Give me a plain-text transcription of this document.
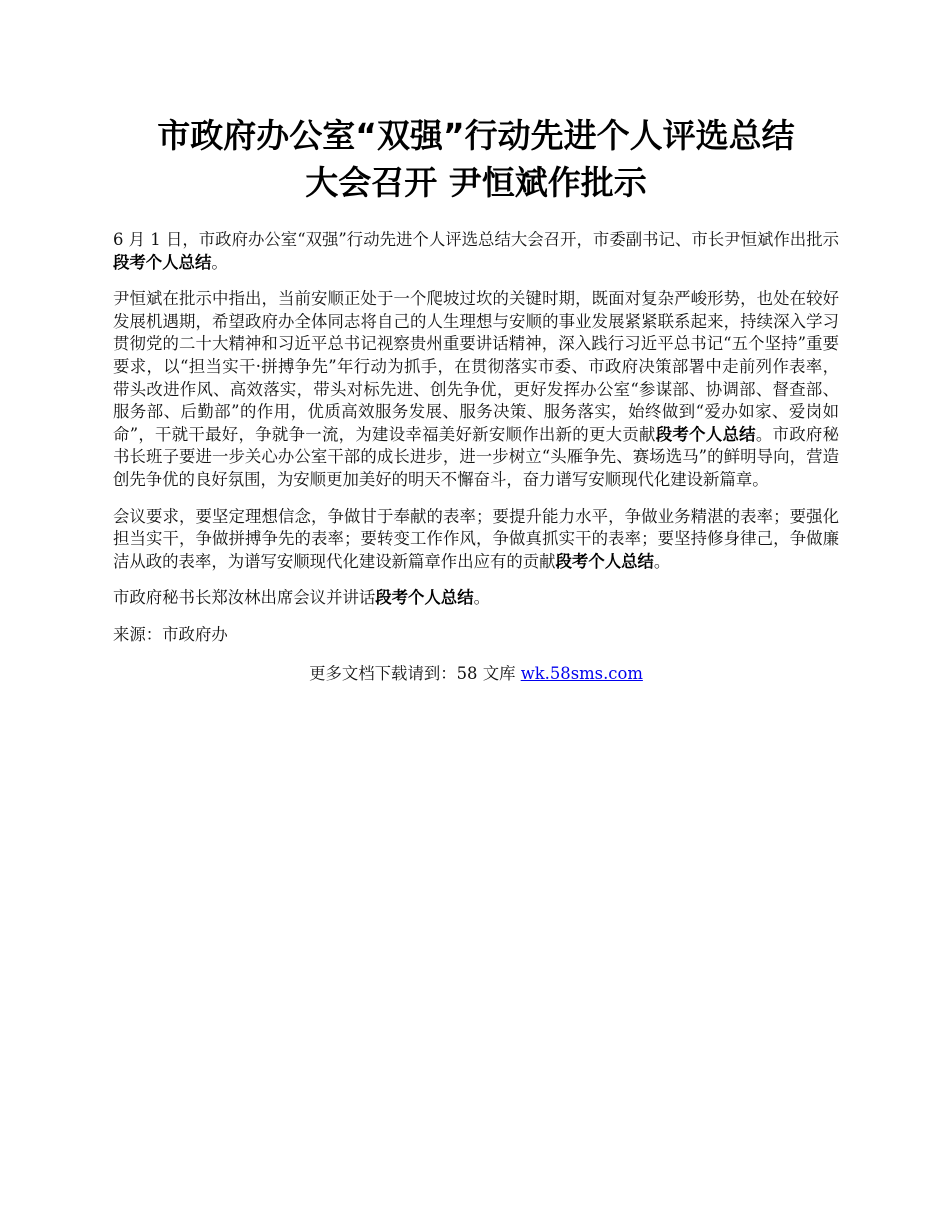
市政府办公室“双强”行动先进个人评选总结
大会召开 尹恒斌作批示

6 月 1 日，市政府办公室“双强”行动先进个人评选总结大会召开，市委副书记、市长尹恒斌作出批示段考个人总结。

尹恒斌在批示中指出，当前安顺正处于一个爬坡过坎的关键时期，既面对复杂严峻形势，也处在较好发展机遇期，希望政府办全体同志将自己的人生理想与安顺的事业发展紧紧联系起来，持续深入学习贯彻党的二十大精神和习近平总书记视察贵州重要讲话精神，深入践行习近平总书记“五个坚持”重要要求，以“担当实干·拼搏争先”年行动为抓手，在贯彻落实市委、市政府决策部署中走前列作表率，带头改进作风、高效落实，带头对标先进、创先争优，更好发挥办公室“参谋部、协调部、督查部、服务部、后勤部”的作用，优质高效服务发展、服务决策、服务落实，始终做到“爱办如家、爱岗如命”，干就干最好，争就争一流，为建设幸福美好新安顺作出新的更大贡献段考个人总结。市政府秘书长班子要进一步关心办公室干部的成长进步，进一步树立“头雁争先、赛场选马”的鲜明导向，营造创先争优的良好氛围，为安顺更加美好的明天不懈奋斗，奋力谱写安顺现代化建设新篇章。

会议要求，要坚定理想信念，争做甘于奉献的表率；要提升能力水平，争做业务精湛的表率；要强化担当实干，争做拼搏争先的表率；要转变工作作风，争做真抓实干的表率；要坚持修身律己，争做廉洁从政的表率，为谱写安顺现代化建设新篇章作出应有的贡献段考个人总结。

市政府秘书长郑汝林出席会议并讲话段考个人总结。

来源：市政府办

更多文档下载请到：58 文库 wk.58sms.com
